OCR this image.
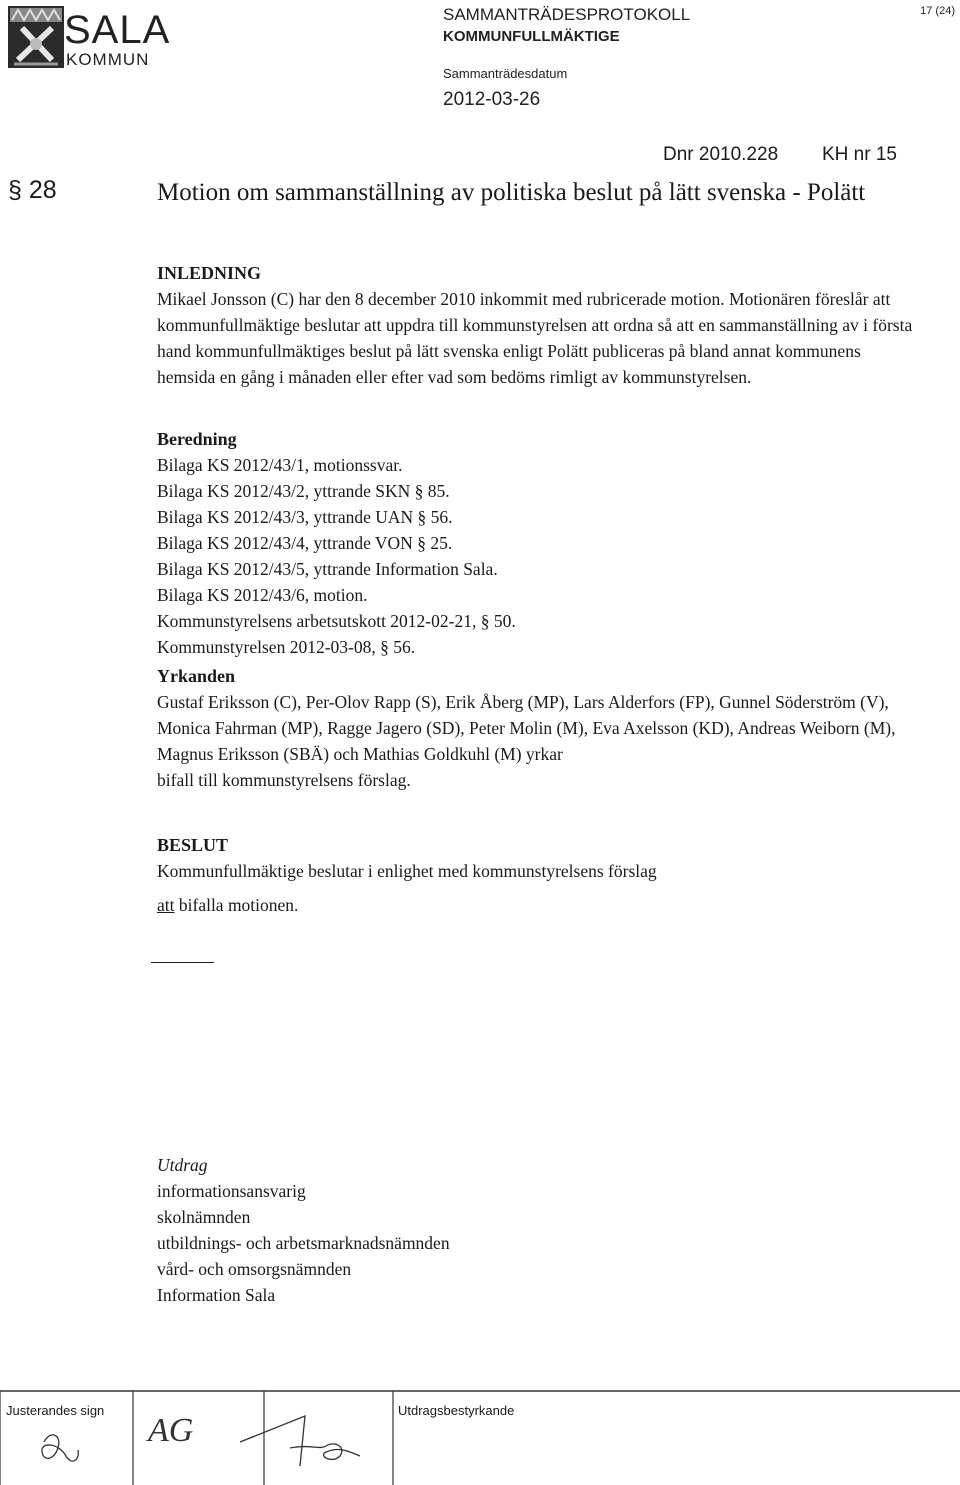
SALA
KOMMUN
SAMMANTRÄDESPROTOKOLL
KOMMUNFULLMÄKTIGE
Sammanträdesdatum
2012-03-26
17 (24)
Dnr 2010.228 KH nr 15
§ 28	Motion om sammanställning av politiska beslut på lätt svenska - Polätt
INLEDNING
Mikael Jonsson (C) har den 8 december 2010 inkommit med rubricerade motion. Motionären föreslår att kommunfullmäktige beslutar att uppdra till kommunstyrelsen att ordna så att en sammanställning av i första hand kommunfullmäktiges beslut på lätt svenska enligt Polätt publiceras på bland annat kommunens hemsida en gång i månaden eller efter vad som bedöms rimligt av kommunstyrelsen.
Beredning
Bilaga KS 2012/43/1, motionssvar.
Bilaga KS 2012/43/2, yttrande SKN § 85.
Bilaga KS 2012/43/3, yttrande UAN § 56.
Bilaga KS 2012/43/4, yttrande VON § 25.
Bilaga KS 2012/43/5, yttrande Information Sala.
Bilaga KS 2012/43/6, motion.
Kommunstyrelsens arbetsutskott 2012-02-21, § 50.
Kommunstyrelsen 2012-03-08, § 56.
Yrkanden
Gustaf Eriksson (C), Per-Olov Rapp (S), Erik Åberg (MP), Lars Alderfors (FP), Gunnel Söderström (V), Monica Fahrman (MP), Ragge Jagero (SD), Peter Molin (M), Eva Axelsson (KD), Andreas Weiborn (M), Magnus Eriksson (SBÄ) och Mathias Goldkuhl (M) yrkar
bifall till kommunstyrelsens förslag.
BESLUT
Kommunfullmäktige beslutar i enlighet med kommunstyrelsens förslag
att bifalla motionen.
Utdrag
informationsansvarig
skolnämnden
utbildnings- och arbetsmarknadsnämnden
vård- och omsorgsnämnden
Information Sala
Justerandes sign	Utdragsbestyrkande
AG
